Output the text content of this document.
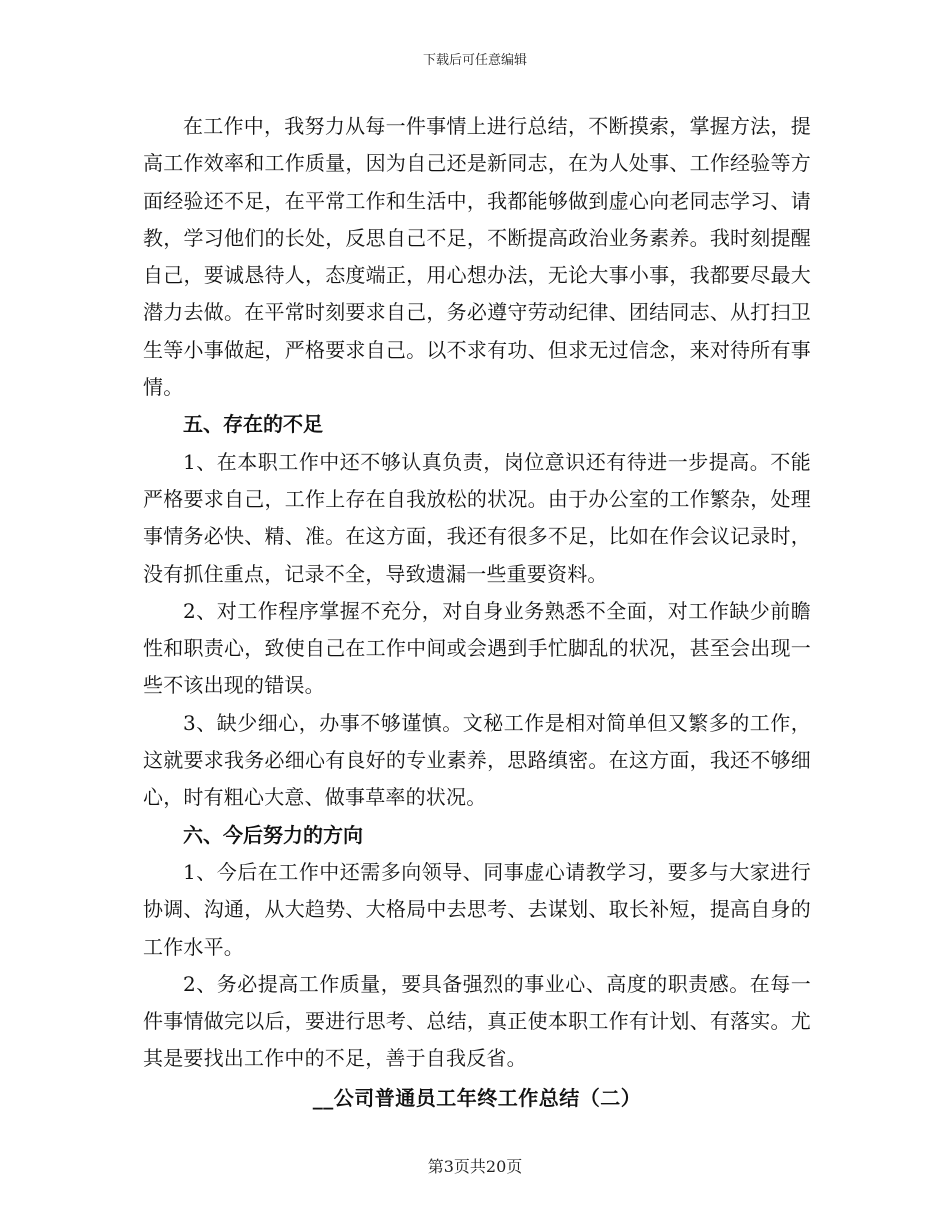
下载后可任意编辑

在工作中，我努力从每一件事情上进行总结，不断摸索，掌握方法，提高工作效率和工作质量，因为自己还是新同志，在为人处事、工作经验等方面经验还不足，在平常工作和生活中，我都能够做到虚心向老同志学习、请教，学习他们的长处，反思自己不足，不断提高政治业务素养。我时刻提醒自己，要诚恳待人，态度端正，用心想办法，无论大事小事，我都要尽最大潜力去做。在平常时刻要求自己，务必遵守劳动纪律、团结同志、从打扫卫生等小事做起，严格要求自己。以不求有功、但求无过信念，来对待所有事情。

五、存在的不足

1、在本职工作中还不够认真负责，岗位意识还有待进一步提高。不能严格要求自己，工作上存在自我放松的状况。由于办公室的工作繁杂，处理事情务必快、精、准。在这方面，我还有很多不足，比如在作会议记录时，没有抓住重点，记录不全，导致遗漏一些重要资料。

2、对工作程序掌握不充分，对自身业务熟悉不全面，对工作缺少前瞻性和职责心，致使自己在工作中间或会遇到手忙脚乱的状况，甚至会出现一些不该出现的错误。

3、缺少细心，办事不够谨慎。文秘工作是相对简单但又繁多的工作，这就要求我务必细心有良好的专业素养，思路缜密。在这方面，我还不够细心，时有粗心大意、做事草率的状况。

六、今后努力的方向

1、今后在工作中还需多向领导、同事虚心请教学习，要多与大家进行协调、沟通，从大趋势、大格局中去思考、去谋划、取长补短，提高自身的工作水平。

2、务必提高工作质量，要具备强烈的事业心、高度的职责感。在每一件事情做完以后，要进行思考、总结，真正使本职工作有计划、有落实。尤其是要找出工作中的不足，善于自我反省。

__公司普通员工年终工作总结（二）

第3页共20页
